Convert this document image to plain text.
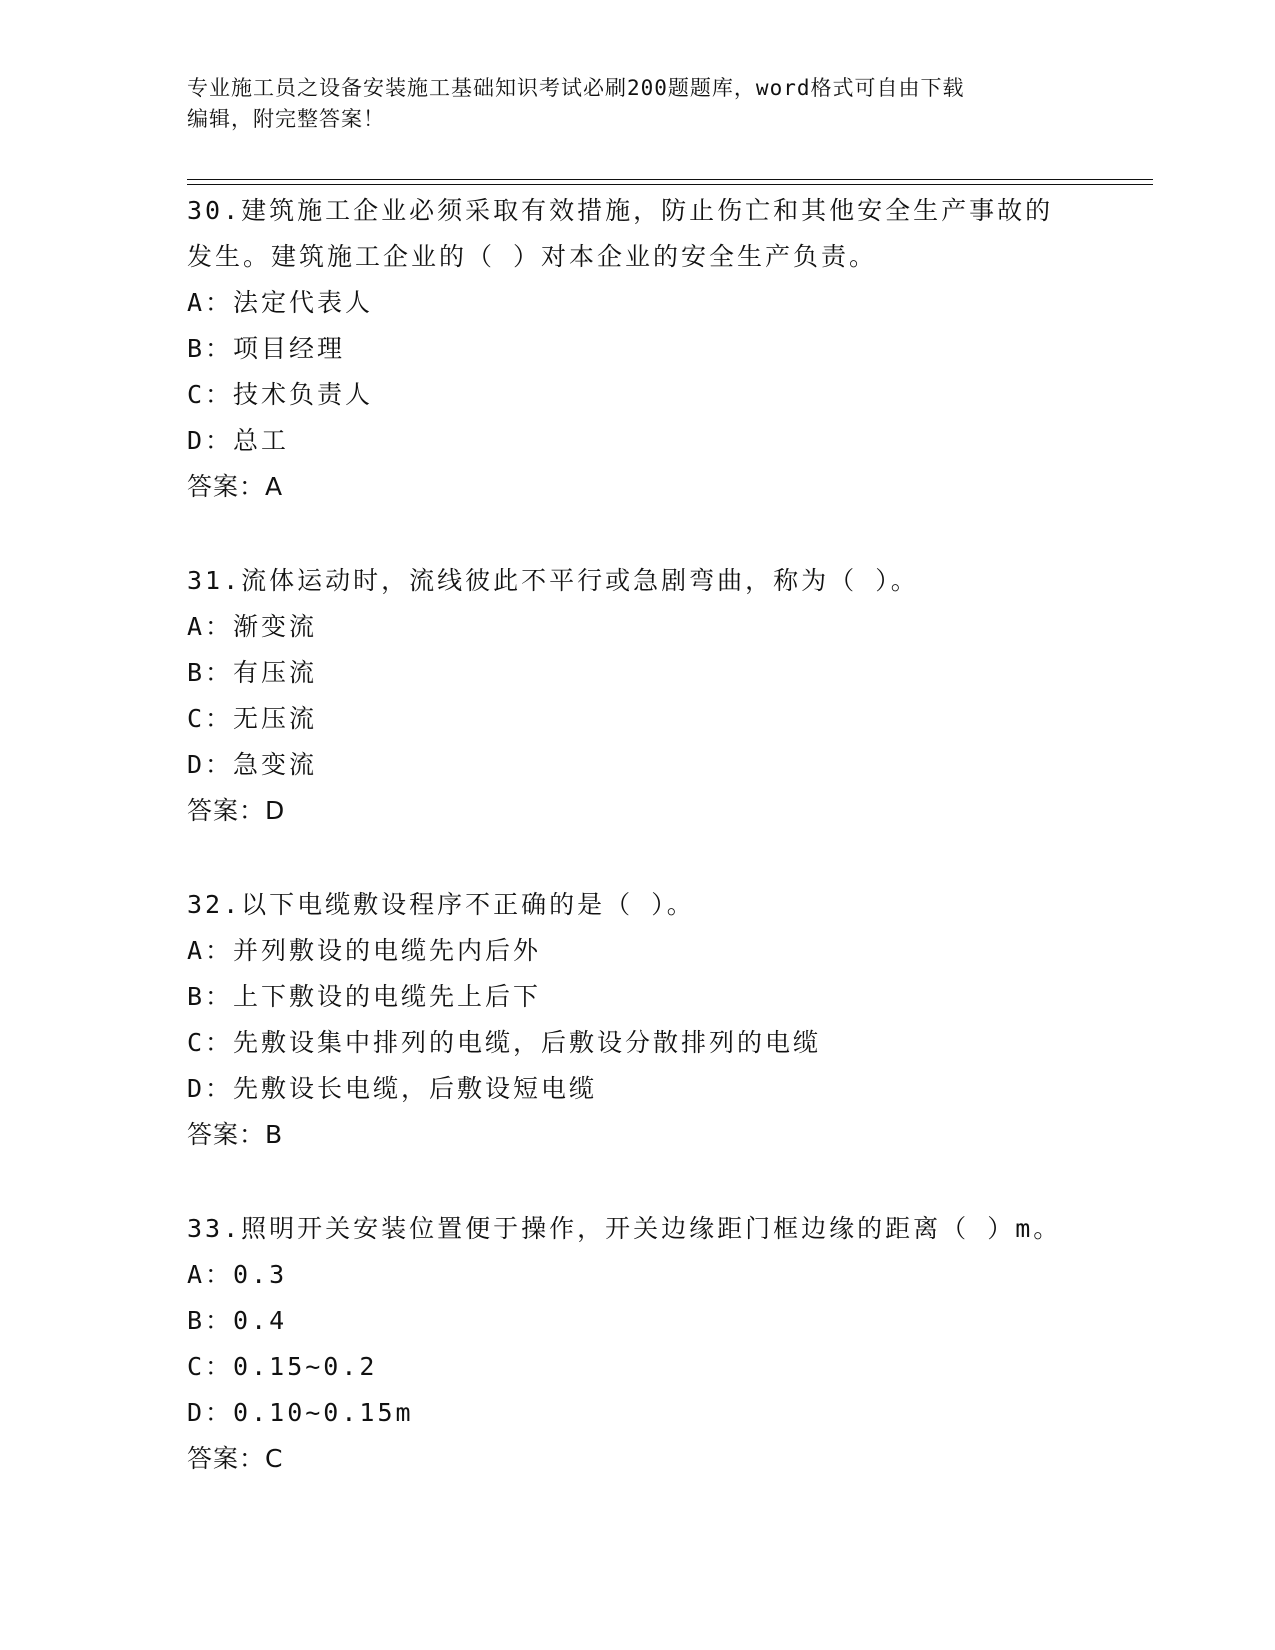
专业施工员之设备安装施工基础知识考试必刷200题题库，word格式可自由下载
编辑，附完整答案！
30.建筑施工企业必须采取有效措施，防止伤亡和其他安全生产事故的
发生。建筑施工企业的（ ）对本企业的安全生产负责。
A：法定代表人
B：项目经理
C：技术负责人
D：总工
答案：A
31.流体运动时，流线彼此不平行或急剧弯曲，称为（ ）。
A：渐变流
B：有压流
C：无压流
D：急变流
答案：D
32.以下电缆敷设程序不正确的是（ ）。
A：并列敷设的电缆先内后外
B：上下敷设的电缆先上后下
C：先敷设集中排列的电缆，后敷设分散排列的电缆
D：先敷设长电缆，后敷设短电缆
答案：B
33.照明开关安装位置便于操作，开关边缘距门框边缘的距离（ ）m。
A：0.3
B：0.4
C：0.15~0.2
D：0.10~0.15m
答案：C
